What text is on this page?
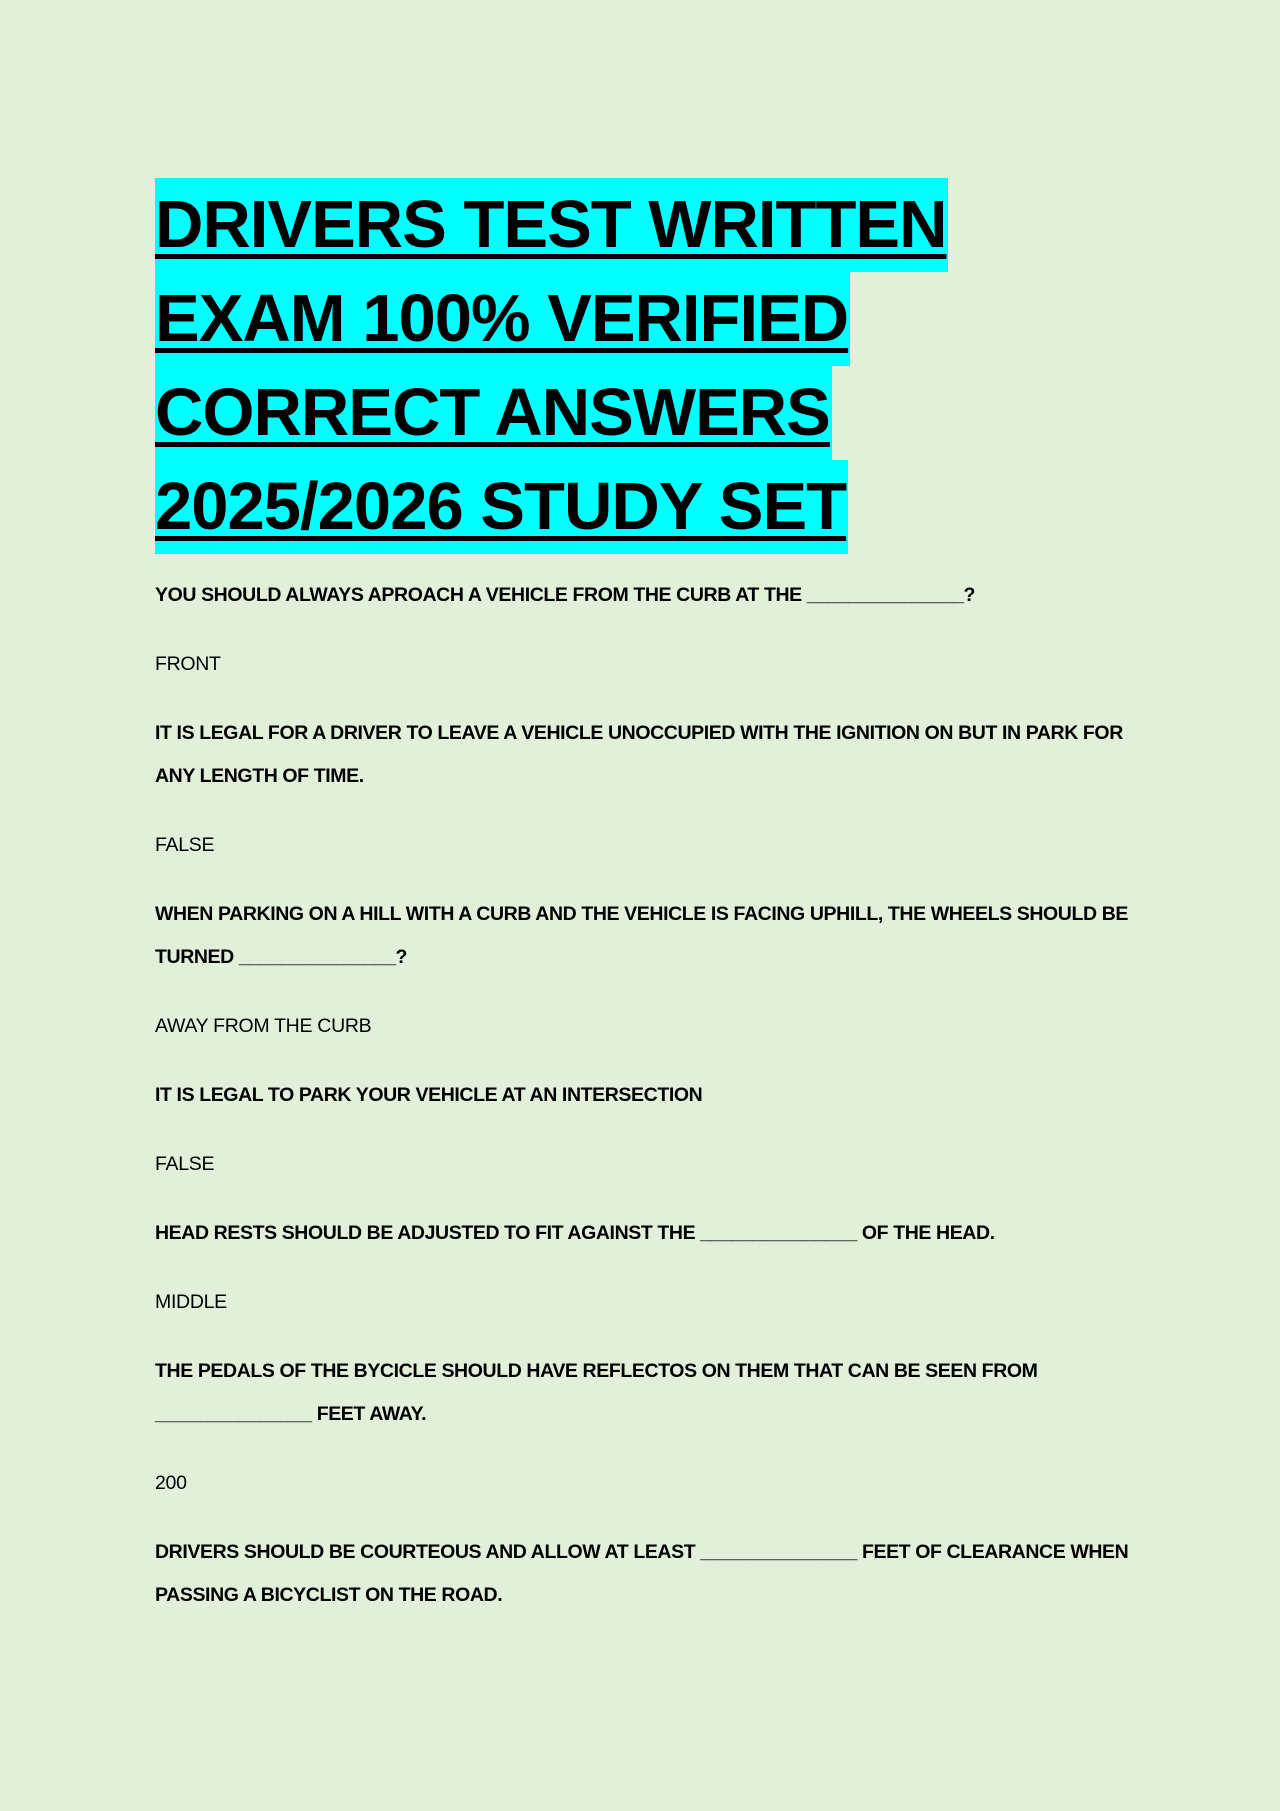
DRIVERS TEST WRITTEN
EXAM 100% VERIFIED
CORRECT ANSWERS
2025/2026 STUDY SET

YOU SHOULD ALWAYS APROACH A VEHICLE FROM THE CURB AT THE _______________?

FRONT

IT IS LEGAL FOR A DRIVER TO LEAVE A VEHICLE UNOCCUPIED WITH THE IGNITION ON BUT IN PARK FOR ANY LENGTH OF TIME.

FALSE

WHEN PARKING ON A HILL WITH A CURB AND THE VEHICLE IS FACING UPHILL, THE WHEELS SHOULD BE TURNED _______________?

AWAY FROM THE CURB

IT IS LEGAL TO PARK YOUR VEHICLE AT AN INTERSECTION

FALSE

HEAD RESTS SHOULD BE ADJUSTED TO FIT AGAINST THE _______________ OF THE HEAD.

MIDDLE

THE PEDALS OF THE BYCICLE SHOULD HAVE REFLECTOS ON THEM THAT CAN BE SEEN FROM _______________ FEET AWAY.

200

DRIVERS SHOULD BE COURTEOUS AND ALLOW AT LEAST _______________ FEET OF CLEARANCE WHEN PASSING A BICYCLIST ON THE ROAD.
